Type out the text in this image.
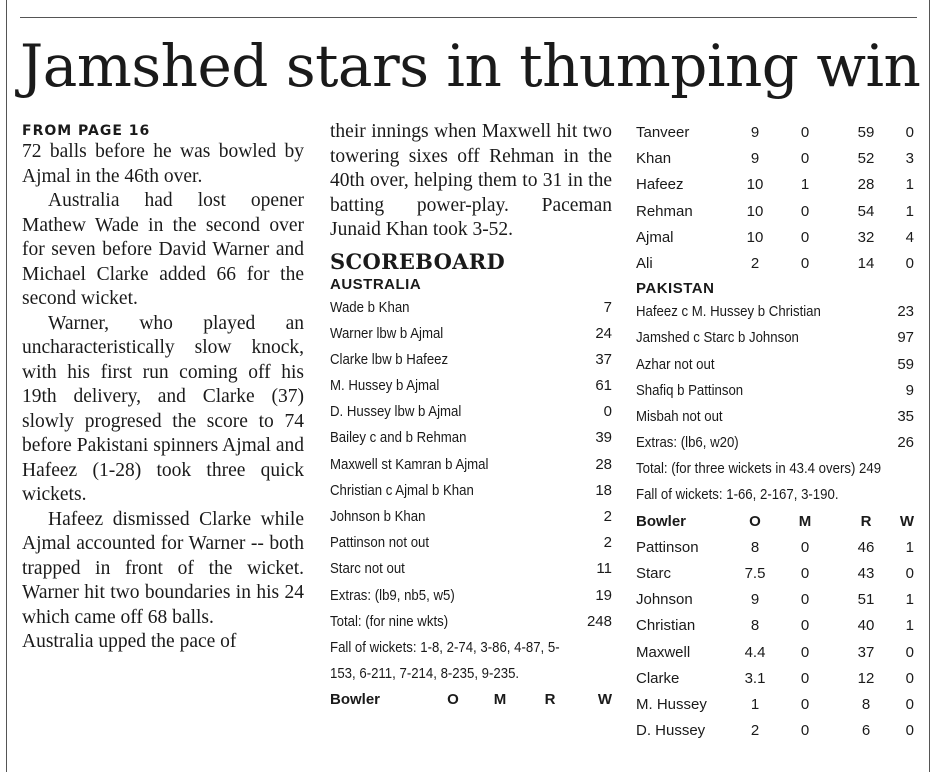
Jamshed stars in thumping win
FROM PAGE 16

72 balls before he was bowled by Ajmal in the 46th over.

Australia had lost opener Mathew Wade in the second over for seven before David Warner and Michael Clarke added 66 for the second wicket.

Warner, who played an uncharacteristically slow knock, with his first run coming off his 19th delivery, and Clarke (37) slowly progresed the score to 74 before Pakistani spinners Ajmal and Hafeez (1-28) took three quick wickets.

Hafeez dismissed Clarke while Ajmal accounted for Warner -- both trapped in front of the wicket. Warner hit two boundaries in his 24 which came off 68 balls.

Australia upped the pace of

their innings when Maxwell hit two towering sixes off Rehman in the 40th over, helping them to 31 in the batting power-play. Paceman Junaid Khan took 3-52.

SCOREBOARD
AUSTRALIA
Wade b Khan	7
Warner lbw b Ajmal	24
Clarke lbw b Hafeez	37
M. Hussey b Ajmal	61
D. Hussey lbw b Ajmal	0
Bailey c and b Rehman	39
Maxwell st Kamran b Ajmal	28
Christian c Ajmal b Khan	18
Johnson b Khan	2
Pattinson not out	2
Starc not out	11
Extras: (lb9, nb5, w5)	19
Total: (for nine wkts)	248
Fall of wickets: 1-8, 2-74, 3-86, 4-87, 5-
153, 6-211, 7-214, 8-235, 9-235.
Bowler	O	M	R	W
Tanveer	9	0	59	0
Khan	9	0	52	3
Hafeez	10	1	28	1
Rehman	10	0	54	1
Ajmal	10	0	32	4
Ali	2	0	14	0
PAKISTAN
Hafeez c M. Hussey b Christian	23
Jamshed c Starc b Johnson	97
Azhar not out	59
Shafiq b Pattinson	9
Misbah not out	35
Extras: (lb6, w20)	26
Total: (for three wickets in 43.4 overs) 249
Fall of wickets: 1-66, 2-167, 3-190.
Bowler	O	M	R	W
Pattinson	8	0	46	1
Starc	7.5	0	43	0
Johnson	9	0	51	1
Christian	8	0	40	1
Maxwell	4.4	0	37	0
Clarke	3.1	0	12	0
M. Hussey	1	0	8	0
D. Hussey	2	0	6	0
